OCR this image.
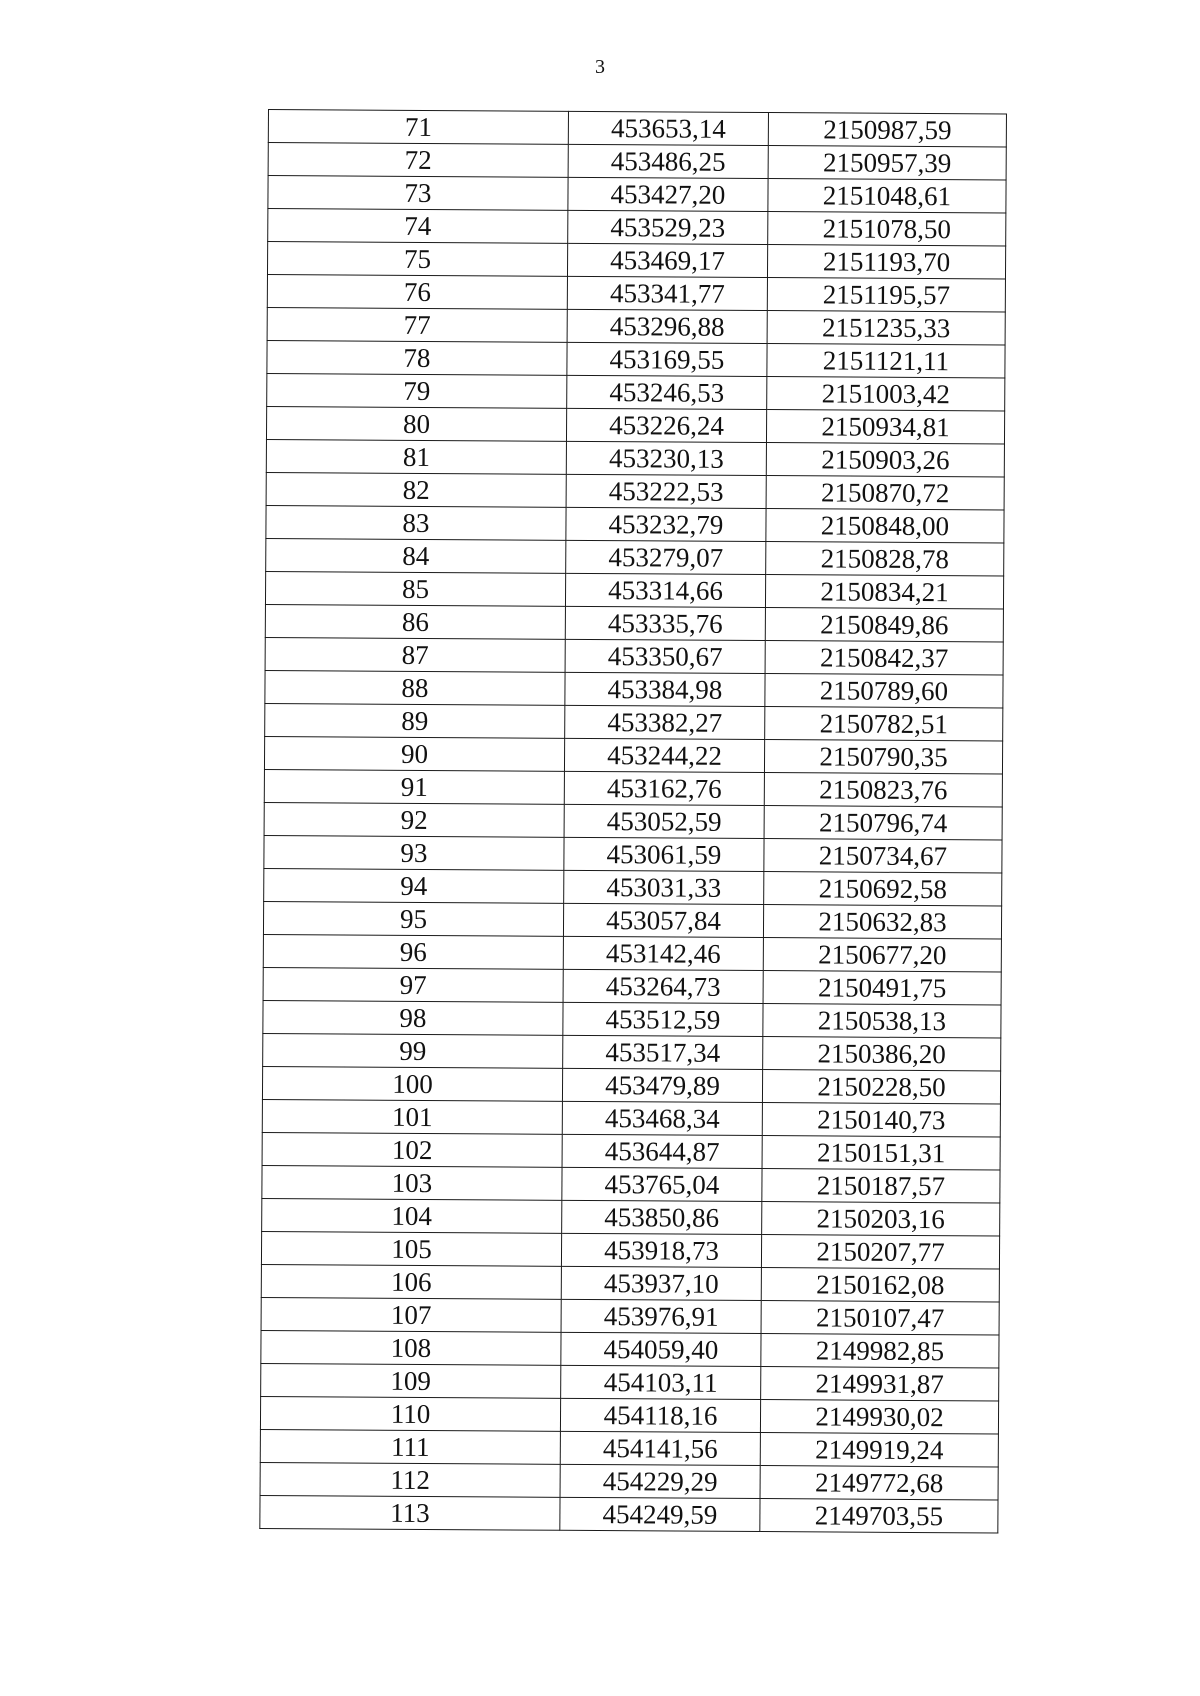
3
71	453653,14	2150987,59
72	453486,25	2150957,39
73	453427,20	2151048,61
74	453529,23	2151078,50
75	453469,17	2151193,70
76	453341,77	2151195,57
77	453296,88	2151235,33
78	453169,55	2151121,11
79	453246,53	2151003,42
80	453226,24	2150934,81
81	453230,13	2150903,26
82	453222,53	2150870,72
83	453232,79	2150848,00
84	453279,07	2150828,78
85	453314,66	2150834,21
86	453335,76	2150849,86
87	453350,67	2150842,37
88	453384,98	2150789,60
89	453382,27	2150782,51
90	453244,22	2150790,35
91	453162,76	2150823,76
92	453052,59	2150796,74
93	453061,59	2150734,67
94	453031,33	2150692,58
95	453057,84	2150632,83
96	453142,46	2150677,20
97	453264,73	2150491,75
98	453512,59	2150538,13
99	453517,34	2150386,20
100	453479,89	2150228,50
101	453468,34	2150140,73
102	453644,87	2150151,31
103	453765,04	2150187,57
104	453850,86	2150203,16
105	453918,73	2150207,77
106	453937,10	2150162,08
107	453976,91	2150107,47
108	454059,40	2149982,85
109	454103,11	2149931,87
110	454118,16	2149930,02
111	454141,56	2149919,24
112	454229,29	2149772,68
113	454249,59	2149703,55
